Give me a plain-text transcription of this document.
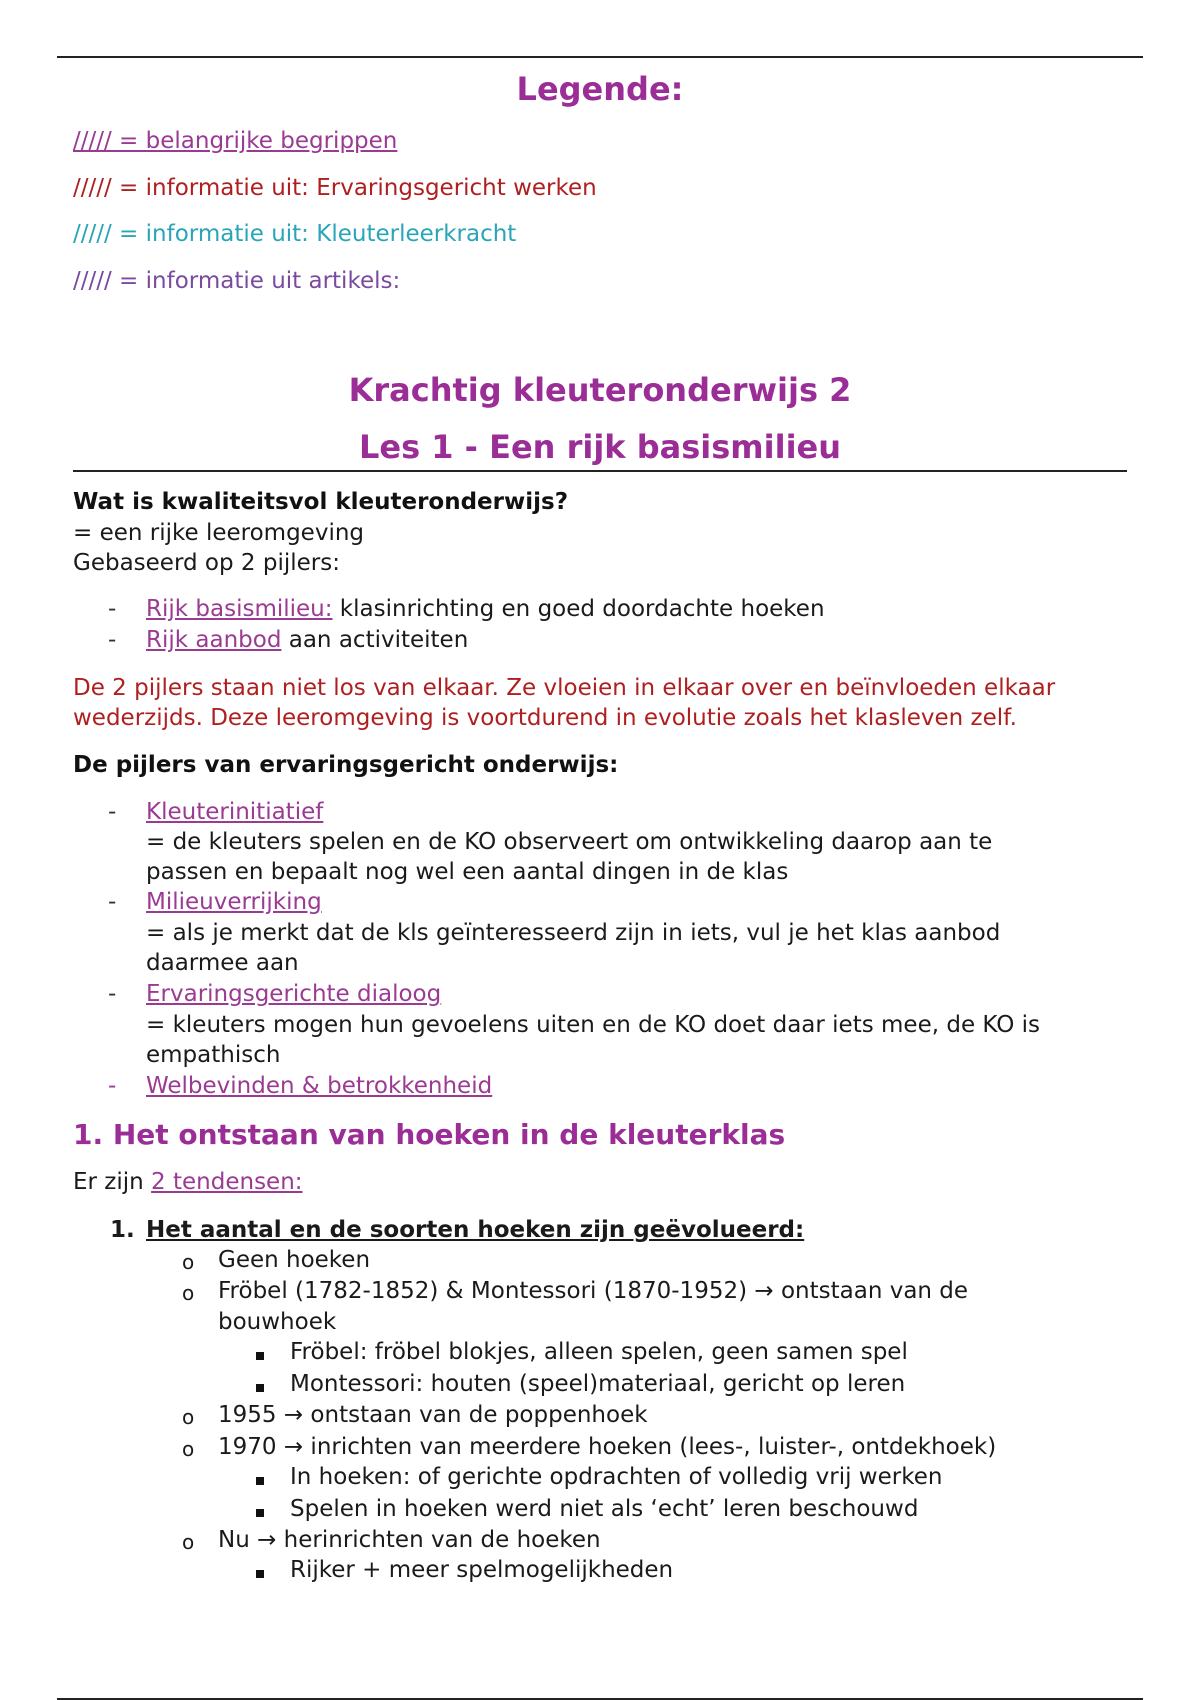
Legende:
///// = belangrijke begrippen
///// = informatie uit: Ervaringsgericht werken
///// = informatie uit: Kleuterleerkracht
///// = informatie uit artikels:
Krachtig kleuteronderwijs 2
Les 1 - Een rijk basismilieu
Wat is kwaliteitsvol kleuteronderwijs?
= een rijke leeromgeving
Gebaseerd op 2 pijlers:
- Rijk basismilieu: klasinrichting en goed doordachte hoeken
- Rijk aanbod aan activiteiten
De 2 pijlers staan niet los van elkaar. Ze vloeien in elkaar over en beïnvloeden elkaar
wederzijds. Deze leeromgeving is voortdurend in evolutie zoals het klasleven zelf.
De pijlers van ervaringsgericht onderwijs:
- Kleuterinitiatief
= de kleuters spelen en de KO observeert om ontwikkeling daarop aan te
passen en bepaalt nog wel een aantal dingen in de klas
- Milieuverrijking
= als je merkt dat de kls geïnteresseerd zijn in iets, vul je het klas aanbod
daarmee aan
- Ervaringsgerichte dialoog
= kleuters mogen hun gevoelens uiten en de KO doet daar iets mee, de KO is
empathisch
- Welbevinden & betrokkenheid
1. Het ontstaan van hoeken in de kleuterklas
Er zijn 2 tendensen:
1. Het aantal en de soorten hoeken zijn geëvolueerd:
o Geen hoeken
o Fröbel (1782-1852) & Montessori (1870-1952) → ontstaan van de
bouwhoek
Fröbel: fröbel blokjes, alleen spelen, geen samen spel
Montessori: houten (speel)materiaal, gericht op leren
o 1955 → ontstaan van de poppenhoek
o 1970 → inrichten van meerdere hoeken (lees-, luister-, ontdekhoek)
In hoeken: of gerichte opdrachten of volledig vrij werken
Spelen in hoeken werd niet als ‘echt’ leren beschouwd
o Nu → herinrichten van de hoeken
Rijker + meer spelmogelijkheden
